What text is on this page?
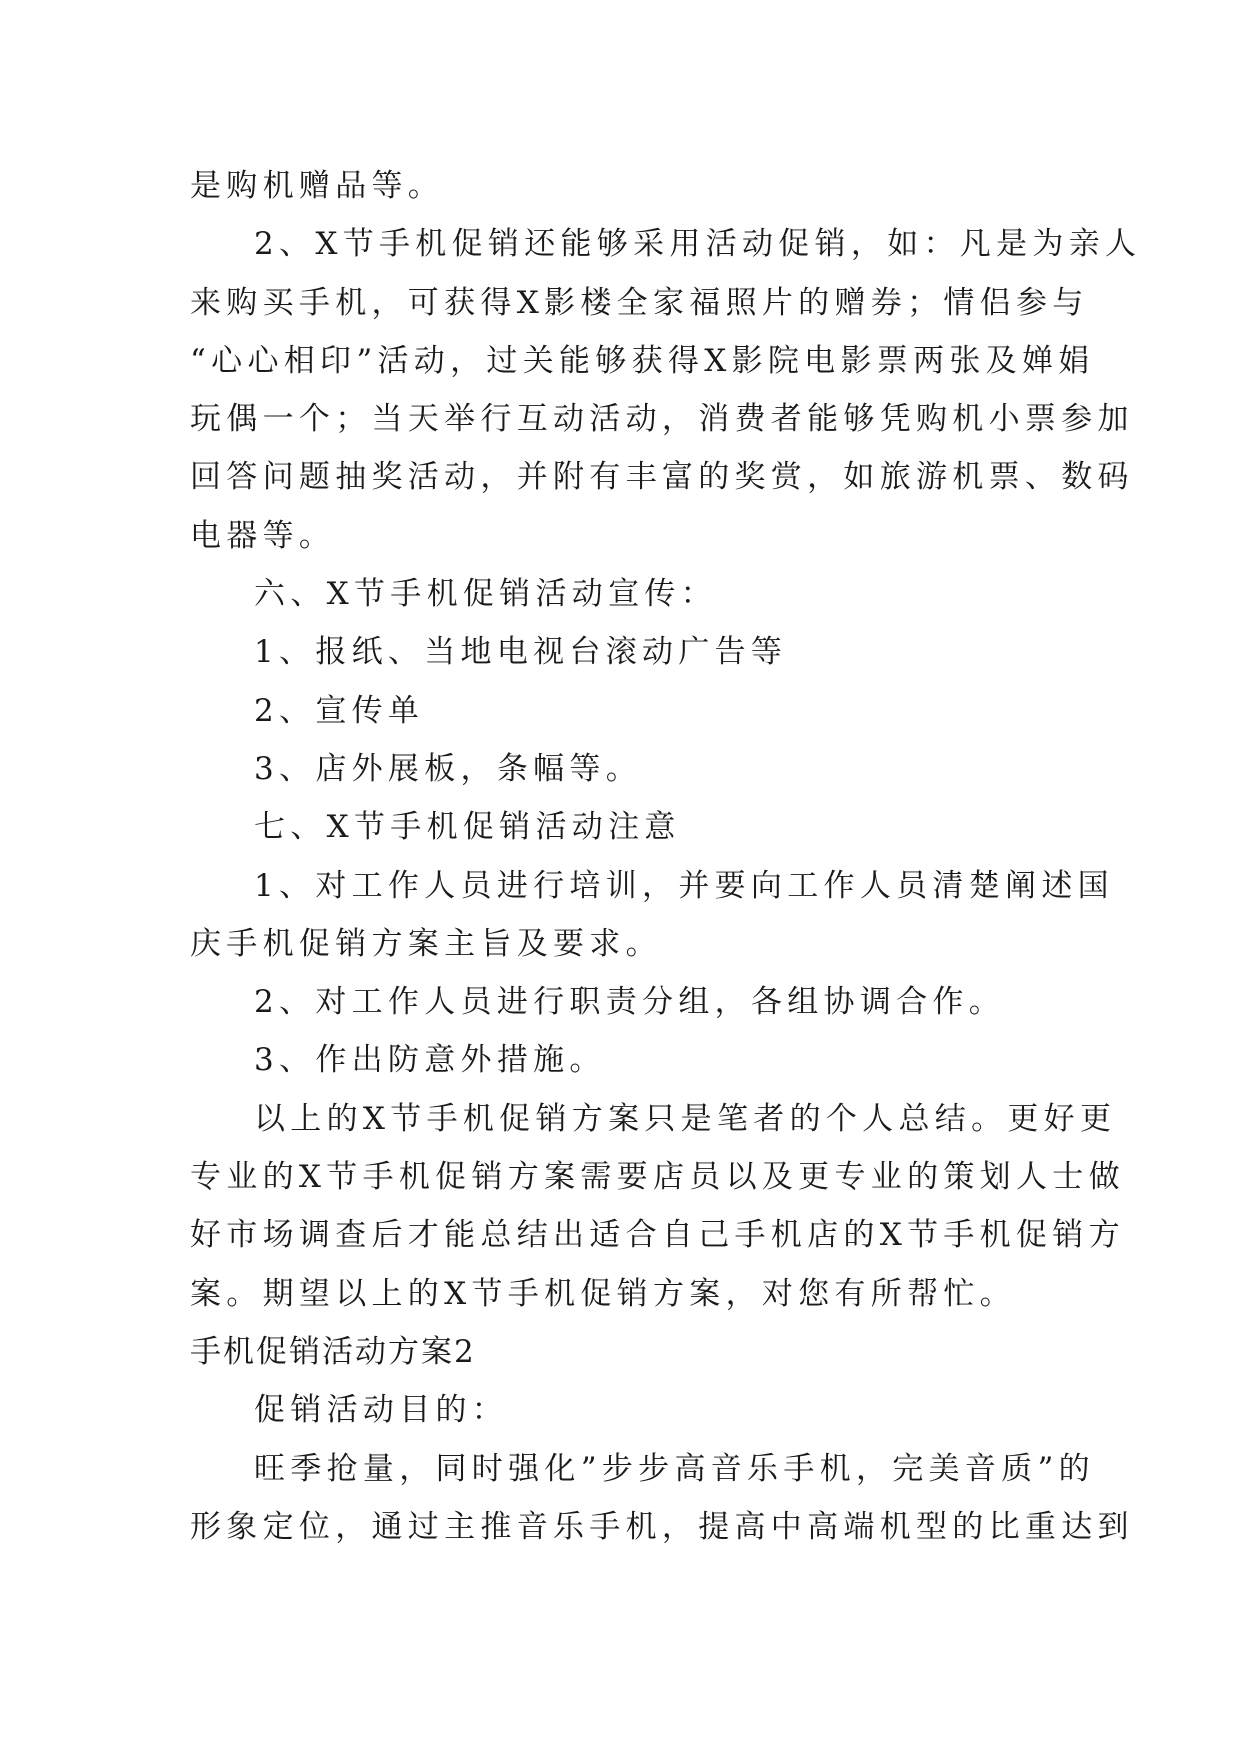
是购机赠品等。
2、X节手机促销还能够采用活动促销，如：凡是为亲人
来购买手机，可获得X影楼全家福照片的赠券；情侣参与
“心心相印”活动，过关能够获得X影院电影票两张及婵娟
玩偶一个；当天举行互动活动，消费者能够凭购机小票参加
回答问题抽奖活动，并附有丰富的奖赏，如旅游机票、数码
电器等。
六、X节手机促销活动宣传：
1、报纸、当地电视台滚动广告等
2、宣传单
3、店外展板，条幅等。
七、X节手机促销活动注意
1、对工作人员进行培训，并要向工作人员清楚阐述国
庆手机促销方案主旨及要求。
2、对工作人员进行职责分组，各组协调合作。
3、作出防意外措施。
以上的X节手机促销方案只是笔者的个人总结。更好更
专业的X节手机促销方案需要店员以及更专业的策划人士做
好市场调查后才能总结出适合自己手机店的X节手机促销方
案。期望以上的X节手机促销方案，对您有所帮忙。
手机促销活动方案2
促销活动目的：
旺季抢量，同时强化”步步高音乐手机，完美音质”的
形象定位，通过主推音乐手机，提高中高端机型的比重达到
